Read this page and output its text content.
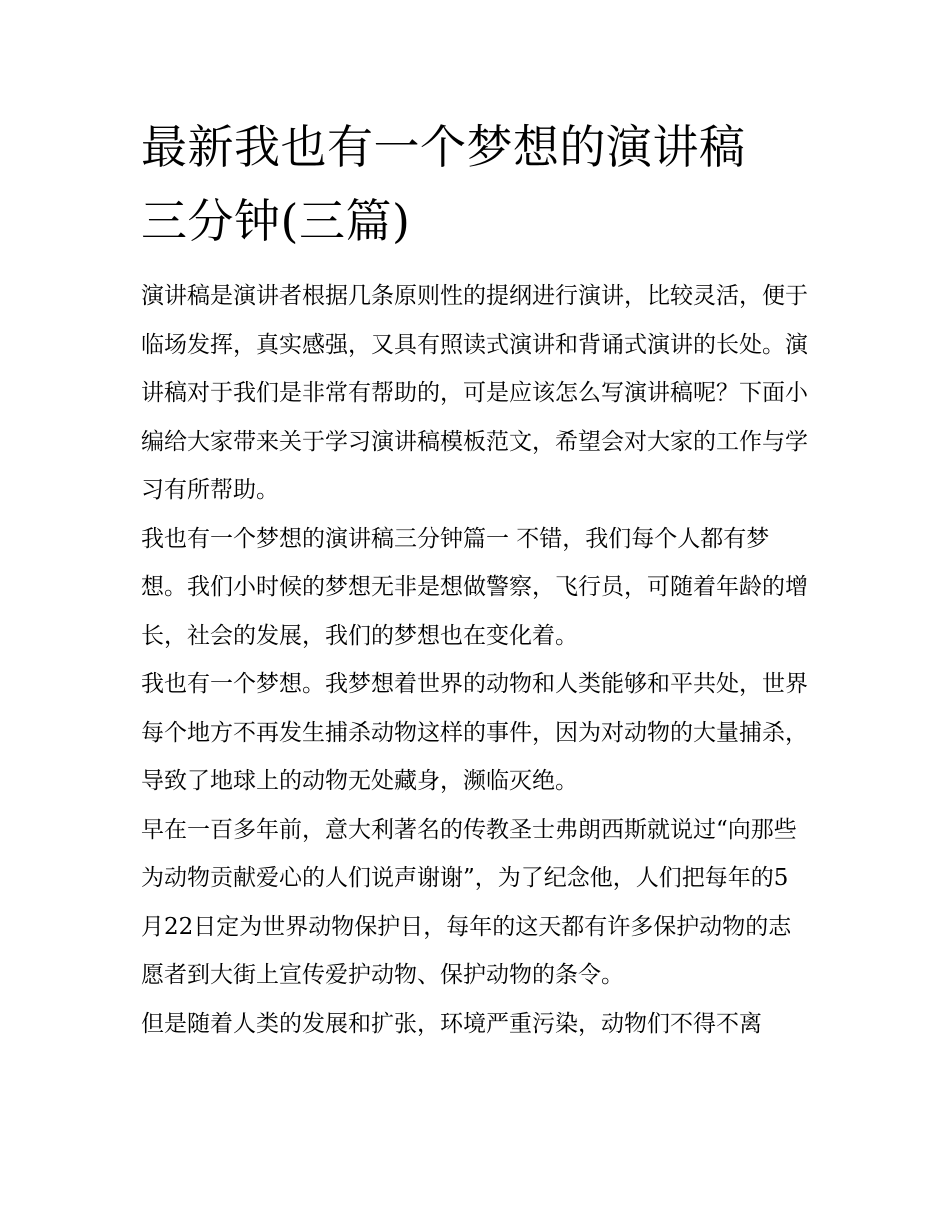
最新我也有一个梦想的演讲稿
三分钟(三篇)

演讲稿是演讲者根据几条原则性的提纲进行演讲，比较灵活，便于临场发挥，真实感强，又具有照读式演讲和背诵式演讲的长处。演讲稿对于我们是非常有帮助的，可是应该怎么写演讲稿呢？下面小编给大家带来关于学习演讲稿模板范文，希望会对大家的工作与学习有所帮助。

我也有一个梦想的演讲稿三分钟篇一 不错，我们每个人都有梦想。我们小时候的梦想无非是想做警察，飞行员，可随着年龄的增长，社会的发展，我们的梦想也在变化着。

我也有一个梦想。我梦想着世界的动物和人类能够和平共处，世界每个地方不再发生捕杀动物这样的事件，因为对动物的大量捕杀，导致了地球上的动物无处藏身，濒临灭绝。

早在一百多年前，意大利著名的传教圣士弗朗西斯就说过“向那些为动物贡献爱心的人们说声谢谢”，为了纪念他，人们把每年的5月22日定为世界动物保护日，每年的这天都有许多保护动物的志愿者到大街上宣传爱护动物、保护动物的条令。

但是随着人类的发展和扩张，环境严重污染，动物们不得不离
